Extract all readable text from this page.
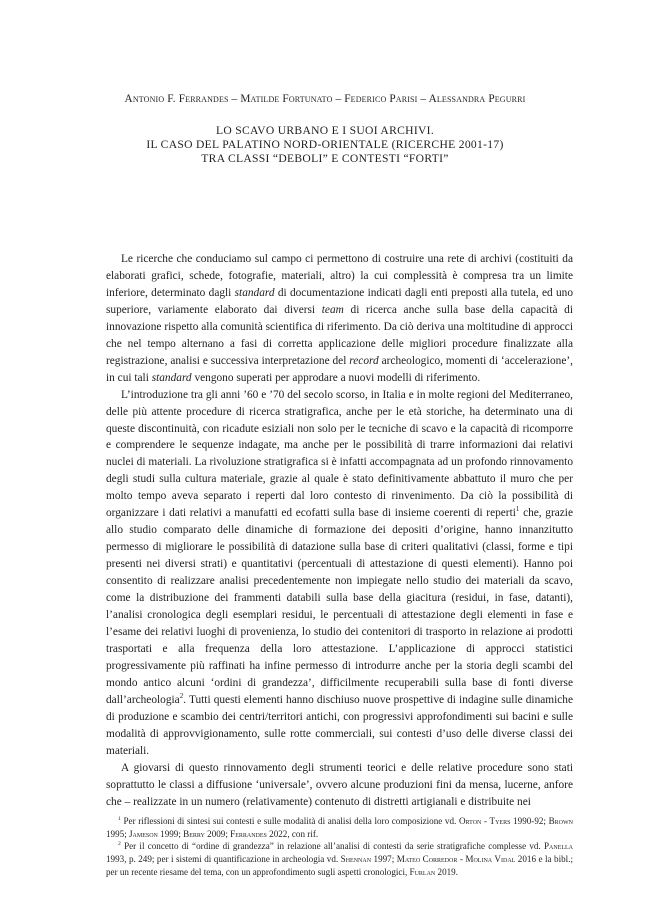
Antonio F. Ferrandes – Matilde Fortunato – Federico Parisi – Alessandra Pegurri
LO SCAVO URBANO E I SUOI ARCHIVI.
IL CASO DEL PALATINO NORD-ORIENTALE (RICERCHE 2001-17)
TRA CLASSI “DEBOLI” E CONTESTI “FORTI”

Le ricerche che conduciamo sul campo ci permettono di costruire una rete di archivi (costituiti da elaborati grafici, schede, fotografie, materiali, altro) la cui complessità è compresa tra un limite inferiore, determinato dagli standard di documentazione indicati dagli enti preposti alla tutela, ed uno superiore, variamente elaborato dai diversi team di ricerca anche sulla base della capacità di innovazione rispetto alla comunità scientifica di riferimento. Da ciò deriva una moltitudine di approcci che nel tempo alternano a fasi di corretta applicazione delle migliori procedure finalizzate alla registrazione, analisi e successiva interpretazione del record archeologico, momenti di ‘accelerazione’, in cui tali standard vengono superati per approdare a nuovi modelli di riferimento.

L’introduzione tra gli anni ’60 e ’70 del secolo scorso, in Italia e in molte regioni del Mediterraneo, delle più attente procedure di ricerca stratigrafica, anche per le età storiche, ha determinato una di queste discontinuità, con ricadute esiziali non solo per le tecniche di scavo e la capacità di ricomporre e comprendere le sequenze indagate, ma anche per le possibilità di trarre informazioni dai relativi nuclei di materiali. La rivoluzione stratigrafica si è infatti accompagnata ad un profondo rinnovamento degli studi sulla cultura materiale, grazie al quale è stato definitivamente abbattuto il muro che per molto tempo aveva separato i reperti dal loro contesto di rinvenimento. Da ciò la possibilità di organizzare i dati relativi a manufatti ed ecofatti sulla base di insieme coerenti di reperti$^1$ che, grazie allo studio comparato delle dinamiche di formazione dei depositi d’origine, hanno innanzitutto permesso di migliorare le possibilità di datazione sulla base di criteri qualitativi (classi, forme e tipi presenti nei diversi strati) e quantitativi (percentuali di attestazione di questi elementi). Hanno poi consentito di realizzare analisi precedentemente non impiegate nello studio dei materiali da scavo, come la distribuzione dei frammenti databili sulla base della giacitura (residui, in fase, datanti), l’analisi cronologica degli esemplari residui, le percentuali di attestazione degli elementi in fase e l’esame dei relativi luoghi di provenienza, lo studio dei contenitori di trasporto in relazione ai prodotti trasportati e alla frequenza della loro attestazione. L’applicazione di approcci statistici progressivamente più raffinati ha infine permesso di introdurre anche per la storia degli scambi del mondo antico alcuni ‘ordini di grandezza’, difficilmente recuperabili sulla base di fonti diverse dall’archeologia$^2$. Tutti questi elementi hanno dischiuso nuove prospettive di indagine sulle dinamiche di produzione e scambio dei centri/territori antichi, con progressivi approfondimenti sui bacini e sulle modalità di approvvigionamento, sulle rotte commerciali, sui contesti d’uso delle diverse classi dei materiali.

A giovarsi di questo rinnovamento degli strumenti teorici e delle relative procedure sono stati soprattutto le classi a diffusione ‘universale’, ovvero alcune produzioni fini da mensa, lucerne, anfore che – realizzate in un numero (relativamente) contenuto di distretti artigianali e distribuite nei

$^1$ Per riflessioni di sintesi sui contesti e sulle modalità di analisi della loro composizione vd. Orton - Tyers 1990-92; Brown 1995; Jameson 1999; Berry 2009; Ferrandes 2022, con rif.

$^2$ Per il concetto di “ordine di grandezza” in relazione all’analisi di contesti da serie stratigrafiche complesse vd. Panella 1993, p. 249; per i sistemi di quantificazione in archeologia vd. Shennan 1997; Mateo Corredor - Molina Vidal 2016 e la bibl.; per un recente riesame del tema, con un approfondimento sugli aspetti cronologici, Furlan 2019.
